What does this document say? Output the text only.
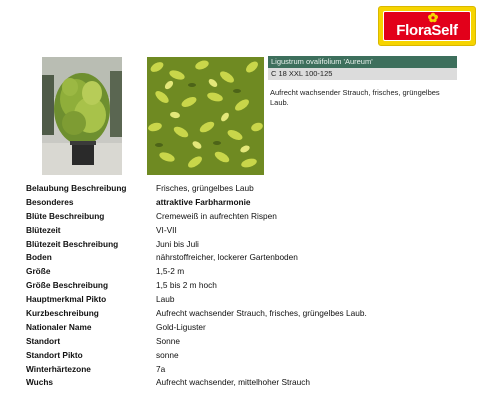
FloraSelf
Ligustrum ovalifolium 'Aureum'
C 18 XXL 100-125
Aufrecht wachsender Strauch, frisches, grüngelbes Laub.
Belaubung Beschreibung	Frisches, grüngelbes Laub
Besonderes	attraktive Farbharmonie
Blüte Beschreibung	Cremeweiß in aufrechten Rispen
Blütezeit	VI-VII
Blütezeit Beschreibung	Juni bis Juli
Boden	nährstoffreicher, lockerer Gartenboden
Größe	1,5-2 m
Größe Beschreibung	1,5 bis 2 m hoch
Hauptmerkmal Pikto	Laub
Kurzbeschreibung	Aufrecht wachsender Strauch, frisches, grüngelbes Laub.
Nationaler Name	Gold-Liguster
Standort	Sonne
Standort Pikto	sonne
Winterhärtezone	7a
Wuchs	Aufrecht wachsender, mittelhoher Strauch
